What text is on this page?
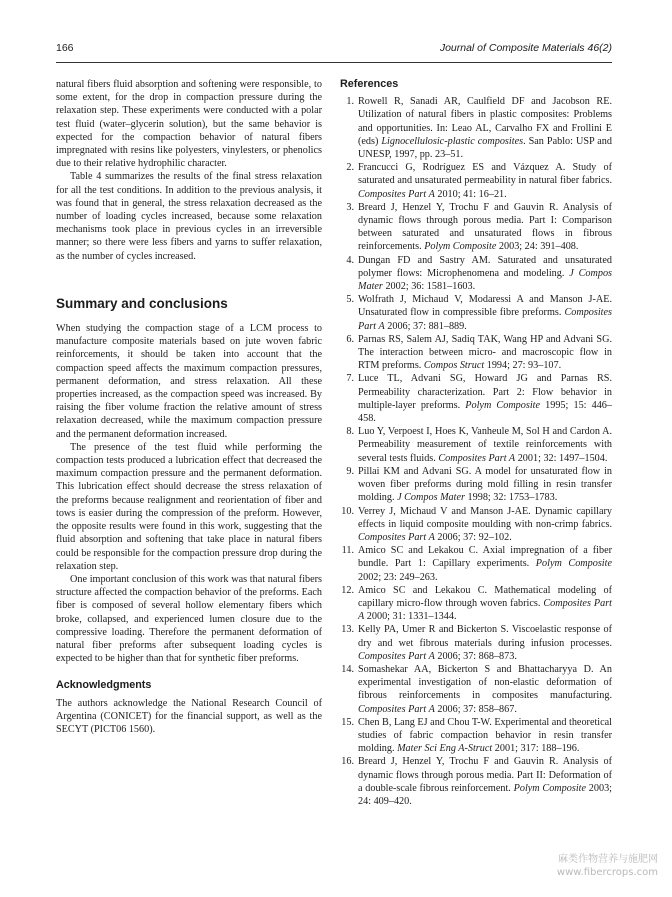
166	Journal of Composite Materials 46(2)

natural fibers fluid absorption and softening were responsible, to some extent, for the drop in compaction pressure during the relaxation step. These experiments were conducted with a polar test fluid (water–glycerin solution), but the same behavior is expected for the compaction behavior of natural fibers impregnated with resins like polyesters, vinylesters, or phenolics due to their relative hydrophilic character.

Table 4 summarizes the results of the final stress relaxation for all the test conditions. In addition to the previous analysis, it was found that in general, the stress relaxation decreased as the number of loading cycles increased, because some relaxation mechanisms took place in previous cycles in an irreversible manner; so there were less fibers and yarns to suffer relaxation, as the number of cycles increased.

Summary and conclusions

When studying the compaction stage of a LCM process to manufacture composite materials based on jute woven fabric reinforcements, it should be taken into account that the compaction speed affects the maximum compaction pressures, permanent deformation, and stress relaxation. All these properties increased, as the compaction speed was increased. By raising the fiber volume fraction the relative amount of stress relaxation decreased, while the maximum compaction pressure and the permanent deformation increased.

The presence of the test fluid while performing the compaction tests produced a lubrication effect that decreased the maximum compaction pressure and the permanent deformation. This lubrication effect should decrease the stress relaxation of the preforms because realignment and reorientation of fiber and tows is easier during the compression of the preform. However, the opposite results were found in this work, suggesting that the fluid absorption and softening that take place in natural fibers could be responsible for the compaction pressure drop during the relaxation step.

One important conclusion of this work was that natural fibers structure affected the compaction behavior of the preforms. Each fiber is composed of several hollow elementary fibers which broke, collapsed, and experienced lumen closure due to the compressive loading. Therefore the permanent deformation of natural fiber preforms after subsequent loading cycles is expected to be higher than that for synthetic fiber preforms.

Acknowledgments

The authors acknowledge the National Research Council of Argentina (CONICET) for the financial support, as well as the SECYT (PICT06 1560).

References
1. Rowell R, Sanadi AR, Caulfield DF and Jacobson RE. Utilization of natural fibers in plastic composites: Problems and opportunities. In: Leao AL, Carvalho FX and Frollini E (eds) Lignocellulosic-plastic composites. San Pablo: USP and UNESP, 1997, pp. 23–51.
2. Francucci G, Rodríguez ES and Vázquez A. Study of saturated and unsaturated permeability in natural fiber fabrics. Composites Part A 2010; 41: 16–21.
3. Breard J, Henzel Y, Trochu F and Gauvin R. Analysis of dynamic flows through porous media. Part I: Comparison between saturated and unsaturated flows in fibrous reinforcements. Polym Composite 2003; 24: 391–408.
4. Dungan FD and Sastry AM. Saturated and unsaturated polymer flows: Microphenomena and modeling. J Compos Mater 2002; 36: 1581–1603.
5. Wolfrath J, Michaud V, Modaressi A and Manson J-AE. Unsaturated flow in compressible fibre preforms. Composites Part A 2006; 37: 881–889.
6. Parnas RS, Salem AJ, Sadiq TAK, Wang HP and Advani SG. The interaction between micro- and macroscopic flow in RTM preforms. Compos Struct 1994; 27: 93–107.
7. Luce TL, Advani SG, Howard JG and Parnas RS. Permeability characterization. Part 2: Flow behavior in multiple-layer preforms. Polym Composite 1995; 15: 446–458.
8. Luo Y, Verpoest I, Hoes K, Vanheule M, Sol H and Cardon A. Permeability measurement of textile reinforcements with several tests fluids. Composites Part A 2001; 32: 1497–1504.
9. Pillai KM and Advani SG. A model for unsaturated flow in woven fiber preforms during mold filling in resin transfer molding. J Compos Mater 1998; 32: 1753–1783.
10. Verrey J, Michaud V and Manson J-AE. Dynamic capillary effects in liquid composite moulding with non-crimp fabrics. Composites Part A 2006; 37: 92–102.
11. Amico SC and Lekakou C. Axial impregnation of a fiber bundle. Part 1: Capillary experiments. Polym Composite 2002; 23: 249–263.
12. Amico SC and Lekakou C. Mathematical modeling of capillary micro-flow through woven fabrics. Composites Part A 2000; 31: 1331–1344.
13. Kelly PA, Umer R and Bickerton S. Viscoelastic response of dry and wet fibrous materials during infusion processes. Composites Part A 2006; 37: 868–873.
14. Somashekar AA, Bickerton S and Bhattacharyya D. An experimental investigation of non-elastic deformation of fibrous reinforcements in composites manufacturing. Composites Part A 2006; 37: 858–867.
15. Chen B, Lang EJ and Chou T-W. Experimental and theoretical studies of fabric compaction behavior in resin transfer molding. Mater Sci Eng A-Struct 2001; 317: 188–196.
16. Breard J, Henzel Y, Trochu F and Gauvin R. Analysis of dynamic flows through porous media. Part II: Deformation of a double-scale fibrous reinforcement. Polym Composite 2003; 24: 409–420.
麻类作物营养与施肥网
www.fibercrops.com
